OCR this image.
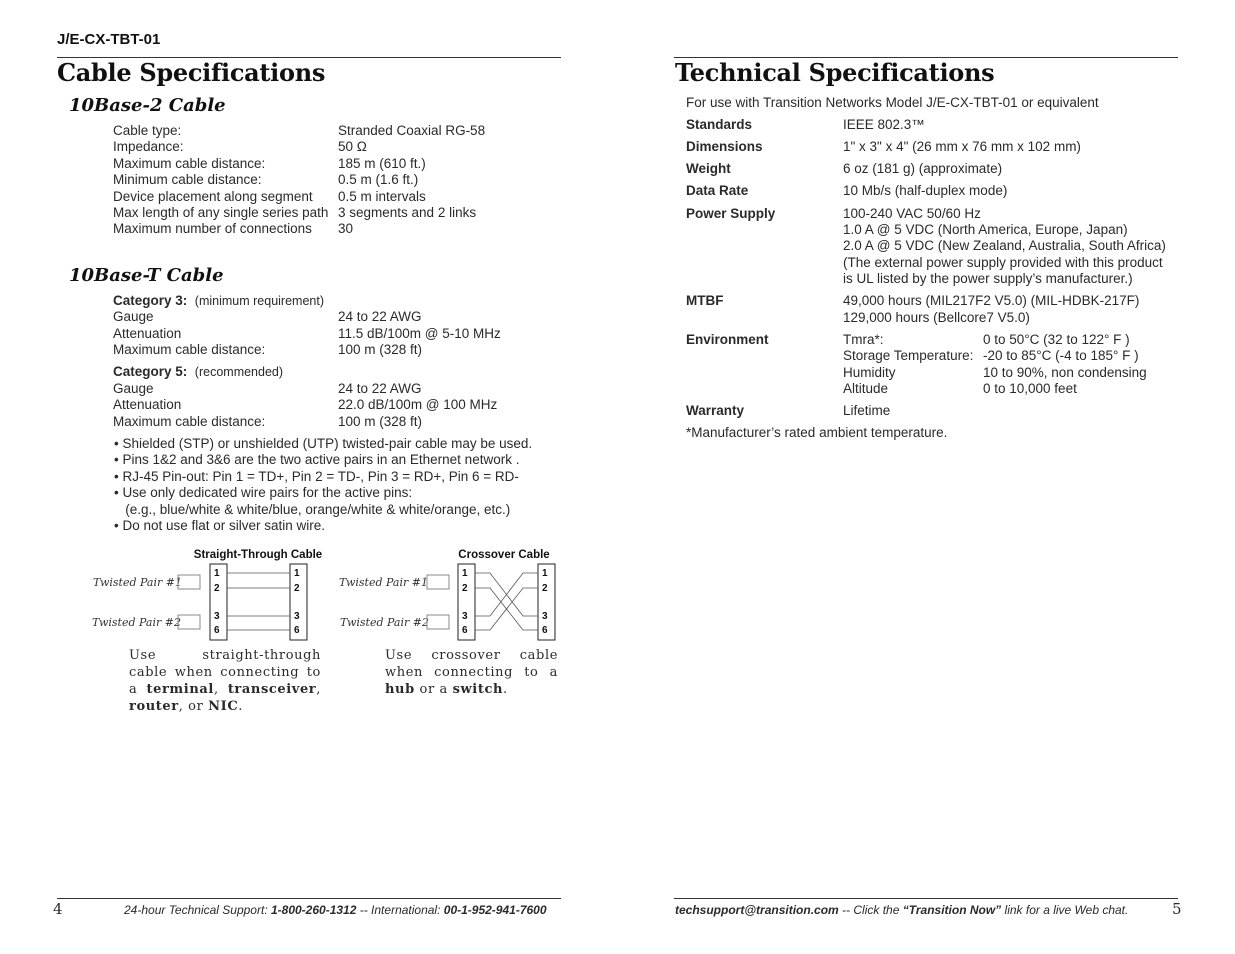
J/E-CX-TBT-01
Cable Specifications
10Base-2 Cable
Cable type:	Stranded Coaxial RG-58
Impedance:	50 Ω
Maximum cable distance:	185 m (610 ft.)
Minimum cable distance:	0.5 m (1.6 ft.)
Device placement along segment 0.5 m intervals
Max length of any single series path 3 segments and 2 links
Maximum number of connections 30
10Base-T Cable
Category 3: (minimum requirement)
Gauge	24 to 22 AWG
Attenuation	11.5 dB/100m @ 5-10 MHz
Maximum cable distance:	100 m (328 ft)
Category 5: (recommended)
Gauge	24 to 22 AWG
Attenuation	22.0 dB/100m @ 100 MHz
Maximum cable distance:	100 m (328 ft)
• Shielded (STP) or unshielded (UTP) twisted-pair cable may be used.
• Pins 1&2 and 3&6 are the two active pairs in an Ethernet network .
• RJ-45 Pin-out: Pin 1 = TD+, Pin 2 = TD-, Pin 3 = RD+, Pin 6 = RD-
• Use only dedicated wire pairs for the active pins:
(e.g., blue/white & white/blue, orange/white & white/orange, etc.)
• Do not use flat or silver satin wire.
Straight-Through Cable
Twisted Pair #1
Twisted Pair #2
1
2
3
6
1
2
3
6
Crossover Cable
Twisted Pair #1
Twisted Pair #2
1
2
3
6
1
2
3
6
Use straight-through cable when connecting to a terminal, transceiver, router, or NIC.
Use crossover cable when connecting to a hub or a switch.
4	24-hour Technical Support: 1-800-260-1312 -- International: 00-1-952-941-7600
Technical Specifications
For use with Transition Networks Model J/E-CX-TBT-01 or equivalent
Standards	IEEE 802.3™
Dimensions	1" x 3" x 4" (26 mm x 76 mm x 102 mm)
Weight	6 oz (181 g) (approximate)
Data Rate	10 Mb/s (half-duplex mode)
Power Supply	100-240 VAC 50/60 Hz
1.0 A @ 5 VDC (North America, Europe, Japan)
2.0 A @ 5 VDC (New Zealand, Australia, South Africa)
(The external power supply provided with this product
is UL listed by the power supply’s manufacturer.)
MTBF	49,000 hours (MIL217F2 V5.0) (MIL-HDBK-217F)
129,000 hours (Bellcore7 V5.0)
Environment	Tmra*:	0 to 50°C (32 to 122° F )
Storage Temperature: -20 to 85°C (-4 to 185° F )
Humidity	10 to 90%, non condensing
Altitude	0 to 10,000 feet
Warranty	Lifetime
*Manufacturer’s rated ambient temperature.
techsupport@transition.com -- Click the “Transition Now” link for a live Web chat.	5
